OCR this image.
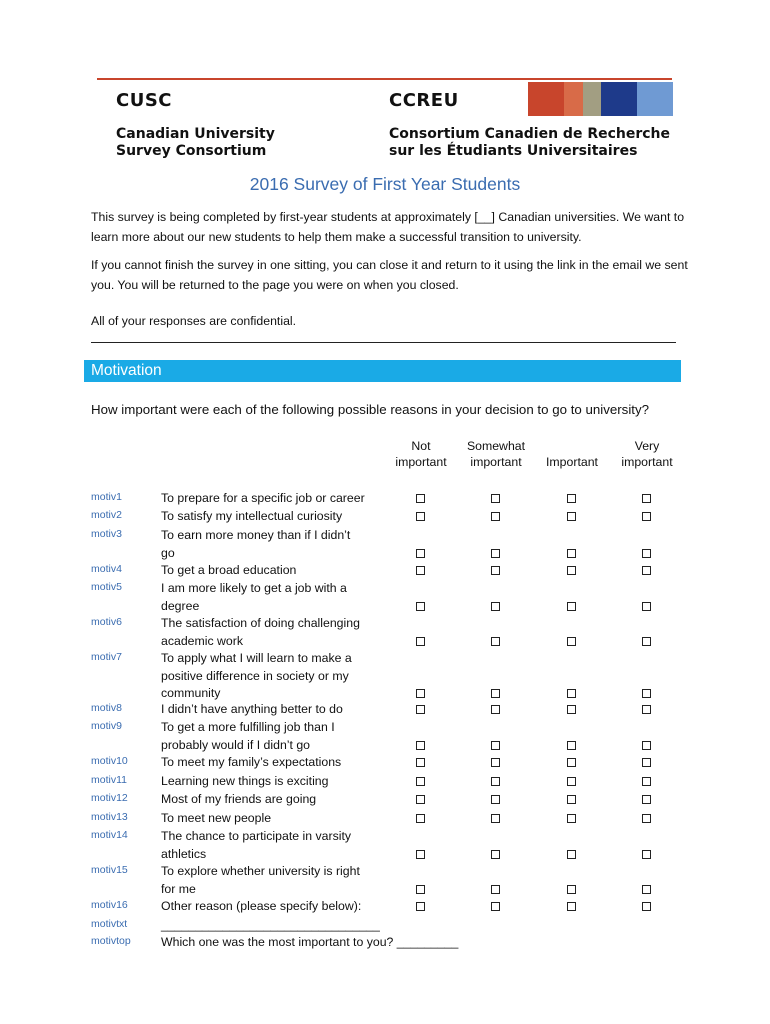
CUSC
Canadian University
Survey Consortium
CCREU
Consortium Canadien de Recherche
sur les Étudiants Universitaires
2016 Survey of First Year Students
This survey is being completed by first-year students at approximately [__] Canadian universities. We want to learn more about our new students to help them make a successful transition to university.
If you cannot finish the survey in one sitting, you can close it and return to it using the link in the email we sent you. You will be returned to the page you were on when you closed.
All of your responses are confidential.
Motivation
How important were each of the following possible reasons in your decision to go to university?
Not
important
Somewhat
important
	Important
Very
important
motiv1	To prepare for a specific job or career
motiv2	To satisfy my intellectual curiosity
motiv3	To earn more money than if I didn’t
go
motiv4	To get a broad education
motiv5	I am more likely to get a job with a
degree
motiv6	The satisfaction of doing challenging
academic work
motiv7	To apply what I will learn to make a
positive difference in society or my
community
motiv8	I didn’t have anything better to do
motiv9	To get a more fulfilling job than I
probably would if I didn’t go
motiv10	To meet my family’s expectations
motiv11	Learning new things is exciting
motiv12	Most of my friends are going
motiv13	To meet new people
motiv14	The chance to participate in varsity
athletics
motiv15	To explore whether university is right
for me
motiv16	Other reason (please specify below):
motivtxt	________________________________
motivtop Which one was the most important to you? _________
